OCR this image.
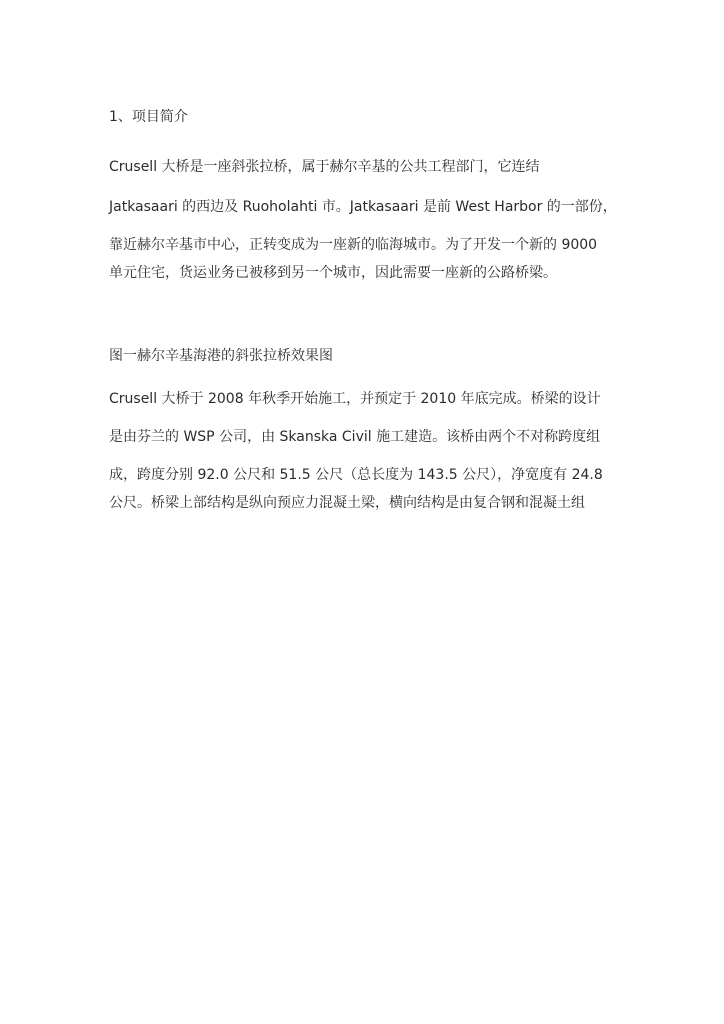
1、项目简介
Crusell 大桥是一座斜张拉桥，属于赫尔辛基的公共工程部门，它连结
Jatkasaari 的西边及 Ruoholahti 市。Jatkasaari 是前 West Harbor 的一部份，
靠近赫尔辛基市中心，正转变成为一座新的临海城市。为了开发一个新的 9000
单元住宅，货运业务已被移到另一个城市，因此需要一座新的公路桥梁。
图一赫尔辛基海港的斜张拉桥效果图
Crusell 大桥于 2008 年秋季开始施工，并预定于 2010 年底完成。桥梁的设计
是由芬兰的 WSP 公司，由 Skanska Civil 施工建造。该桥由两个不对称跨度组
成，跨度分别 92.0 公尺和 51.5 公尺（总长度为 143.5 公尺），净宽度有 24.8
公尺。桥梁上部结构是纵向预应力混凝土梁，横向结构是由复合钢和混凝土组
